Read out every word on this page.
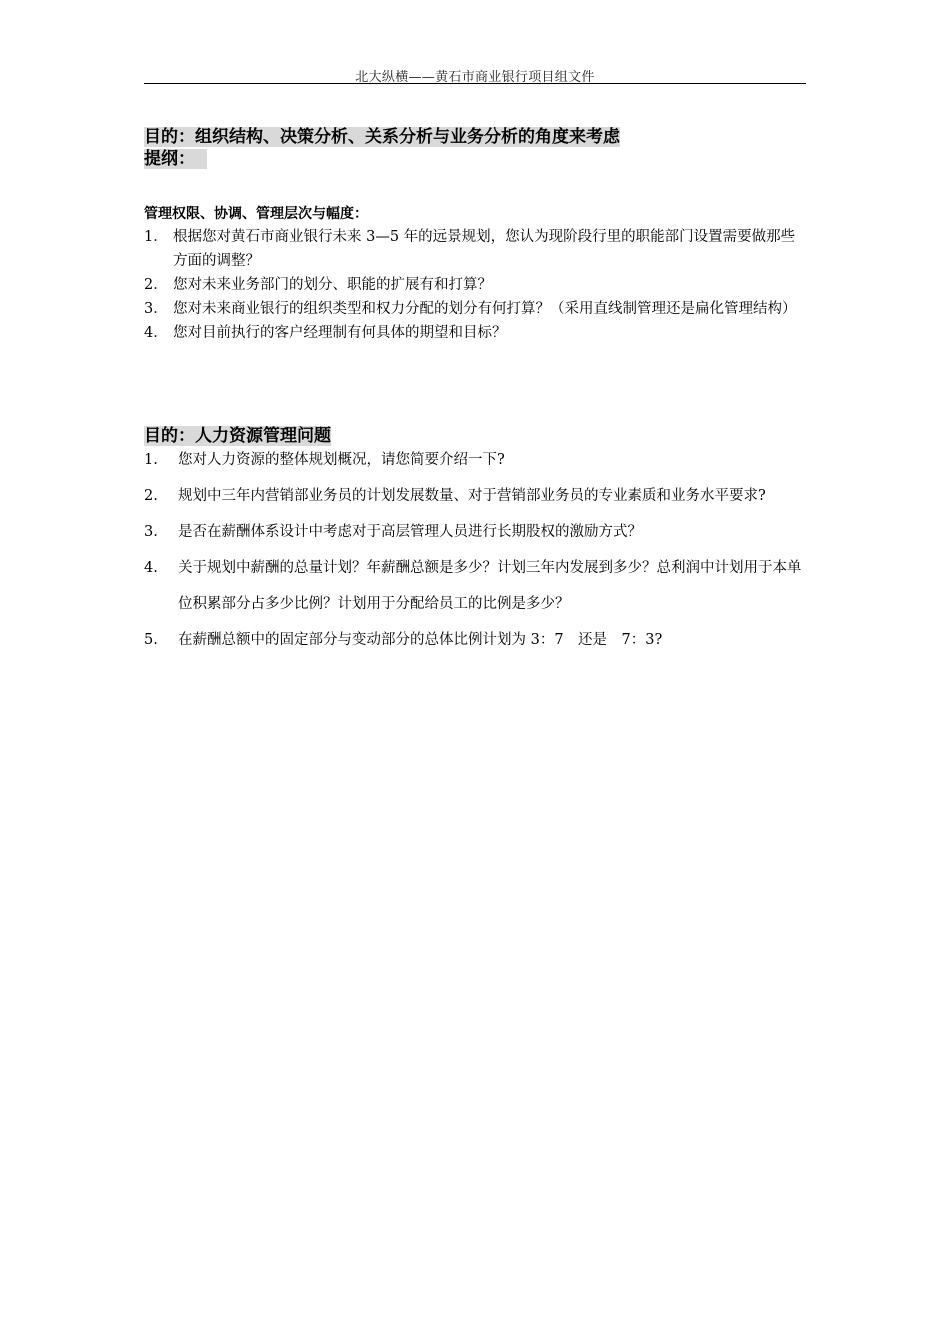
北大纵横——黄石市商业银行项目组文件
目的：组织结构、决策分析、关系分析与业务分析的角度来考虑
提纲：
管理权限、协调、管理层次与幅度：
1． 根据您对黄石市商业银行未来 3—5 年的远景规划，您认为现阶段行里的职能部门设置需要做那些方面的调整？
2． 您对未来业务部门的划分、职能的扩展有和打算？
3． 您对未来商业银行的组织类型和权力分配的划分有何打算？（采用直线制管理还是扁化管理结构）
4． 您对目前执行的客户经理制有何具体的期望和目标？
目的：人力资源管理问题
1. 您对人力资源的整体规划概况，请您简要介绍一下?
2. 规划中三年内营销部业务员的计划发展数量、对于营销部业务员的专业素质和业务水平要求?
3. 是否在薪酬体系设计中考虑对于高层管理人员进行长期股权的激励方式？
4. 关于规划中薪酬的总量计划？年薪酬总额是多少？计划三年内发展到多少？总利润中计划用于本单位积累部分占多少比例？计划用于分配给员工的比例是多少？
5. 在薪酬总额中的固定部分与变动部分的总体比例计划为 3：7　还是　7：3?
